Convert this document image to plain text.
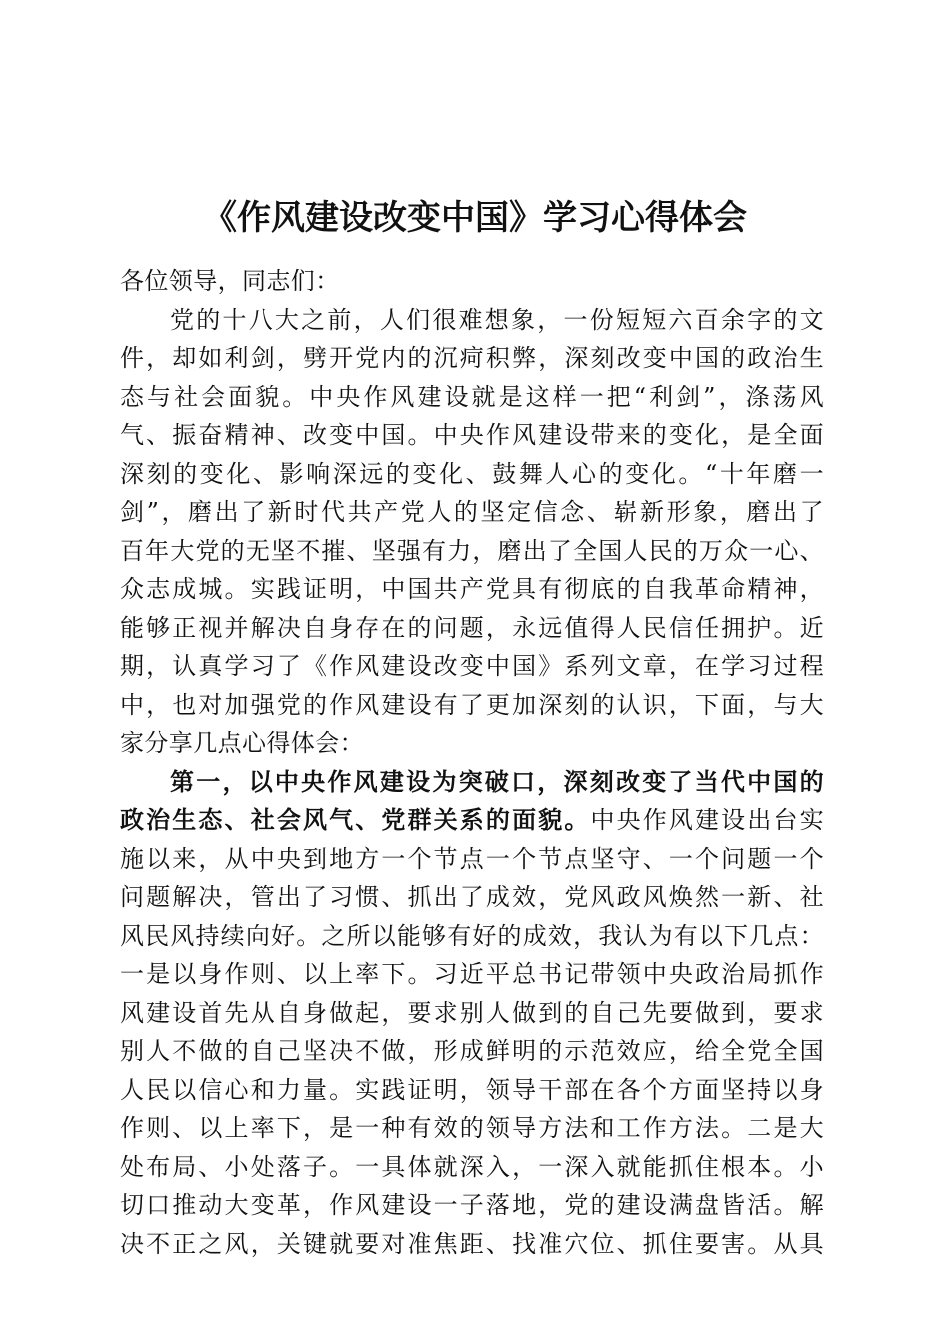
《作风建设改变中国》学习心得体会
各位领导，同志们：
党的十八大之前，人们很难想象，一份短短六百余字的文
件，却如利剑，劈开党内的沉疴积弊，深刻改变中国的政治生
态与社会面貌。中央作风建设就是这样一把“利剑”，涤荡风
气、振奋精神、改变中国。中央作风建设带来的变化，是全面
深刻的变化、影响深远的变化、鼓舞人心的变化。“十年磨一
剑”，磨出了新时代共产党人的坚定信念、崭新形象，磨出了
百年大党的无坚不摧、坚强有力，磨出了全国人民的万众一心、
众志成城。实践证明，中国共产党具有彻底的自我革命精神，
能够正视并解决自身存在的问题，永远值得人民信任拥护。近
期，认真学习了《作风建设改变中国》系列文章，在学习过程
中，也对加强党的作风建设有了更加深刻的认识，下面，与大
家分享几点心得体会：
第一，以中央作风建设为突破口，深刻改变了当代中国的
政治生态、社会风气、党群关系的面貌。中央作风建设出台实
施以来，从中央到地方一个节点一个节点坚守、一个问题一个
问题解决，管出了习惯、抓出了成效，党风政风焕然一新、社
风民风持续向好。之所以能够有好的成效，我认为有以下几点：
一是以身作则、以上率下。习近平总书记带领中央政治局抓作
风建设首先从自身做起，要求别人做到的自己先要做到，要求
别人不做的自己坚决不做，形成鲜明的示范效应，给全党全国
人民以信心和力量。实践证明，领导干部在各个方面坚持以身
作则、以上率下，是一种有效的领导方法和工作方法。二是大
处布局、小处落子。一具体就深入，一深入就能抓住根本。小
切口推动大变革，作风建设一子落地，党的建设满盘皆活。解
决不正之风，关键就要对准焦距、找准穴位、抓住要害。从具
